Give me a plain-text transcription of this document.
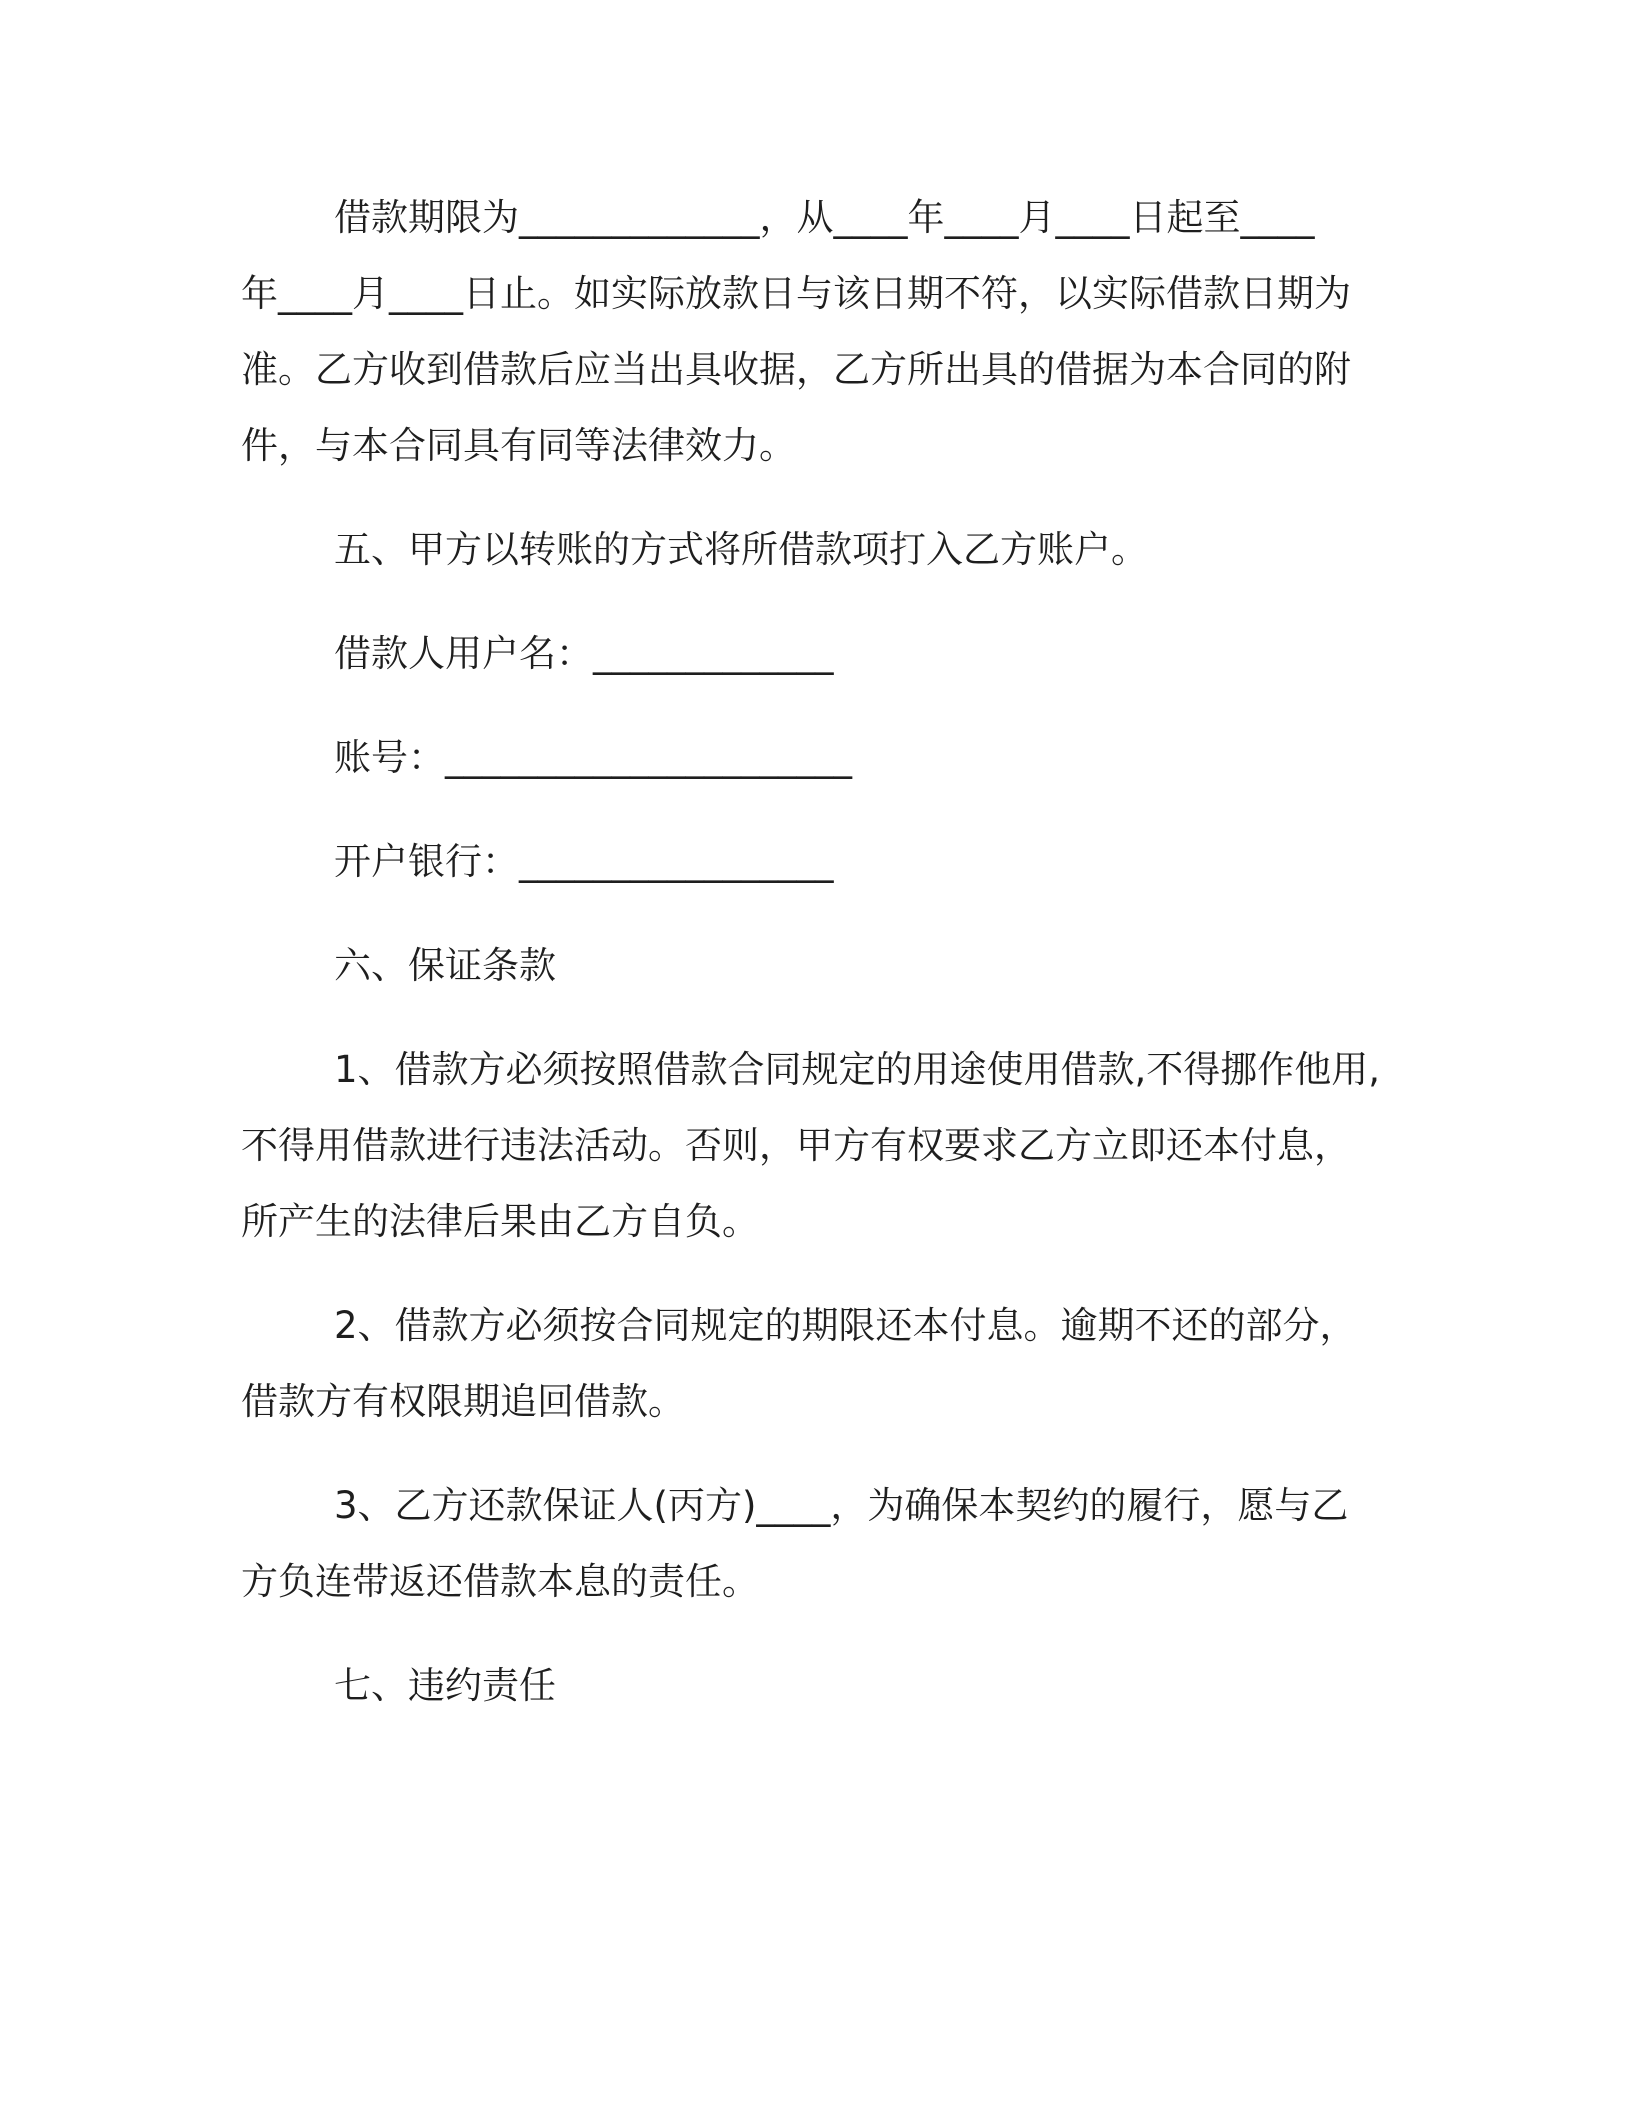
借款期限为_____________，从____年____月____日起至____
年____月____日止。如实际放款日与该日期不符，以实际借款日期为
准。乙方收到借款后应当出具收据，乙方所出具的借据为本合同的附
件，与本合同具有同等法律效力。
五、甲方以转账的方式将所借款项打入乙方账户。
借款人用户名：_____________
账号：______________________
开户银行：_________________
六、保证条款
1、借款方必须按照借款合同规定的用途使用借款,不得挪作他用,
不得用借款进行违法活动。否则，甲方有权要求乙方立即还本付息，
所产生的法律后果由乙方自负。
2、借款方必须按合同规定的期限还本付息。逾期不还的部分，
借款方有权限期追回借款。
3、乙方还款保证人(丙方)____，为确保本契约的履行，愿与乙
方负连带返还借款本息的责任。
七、违约责任
